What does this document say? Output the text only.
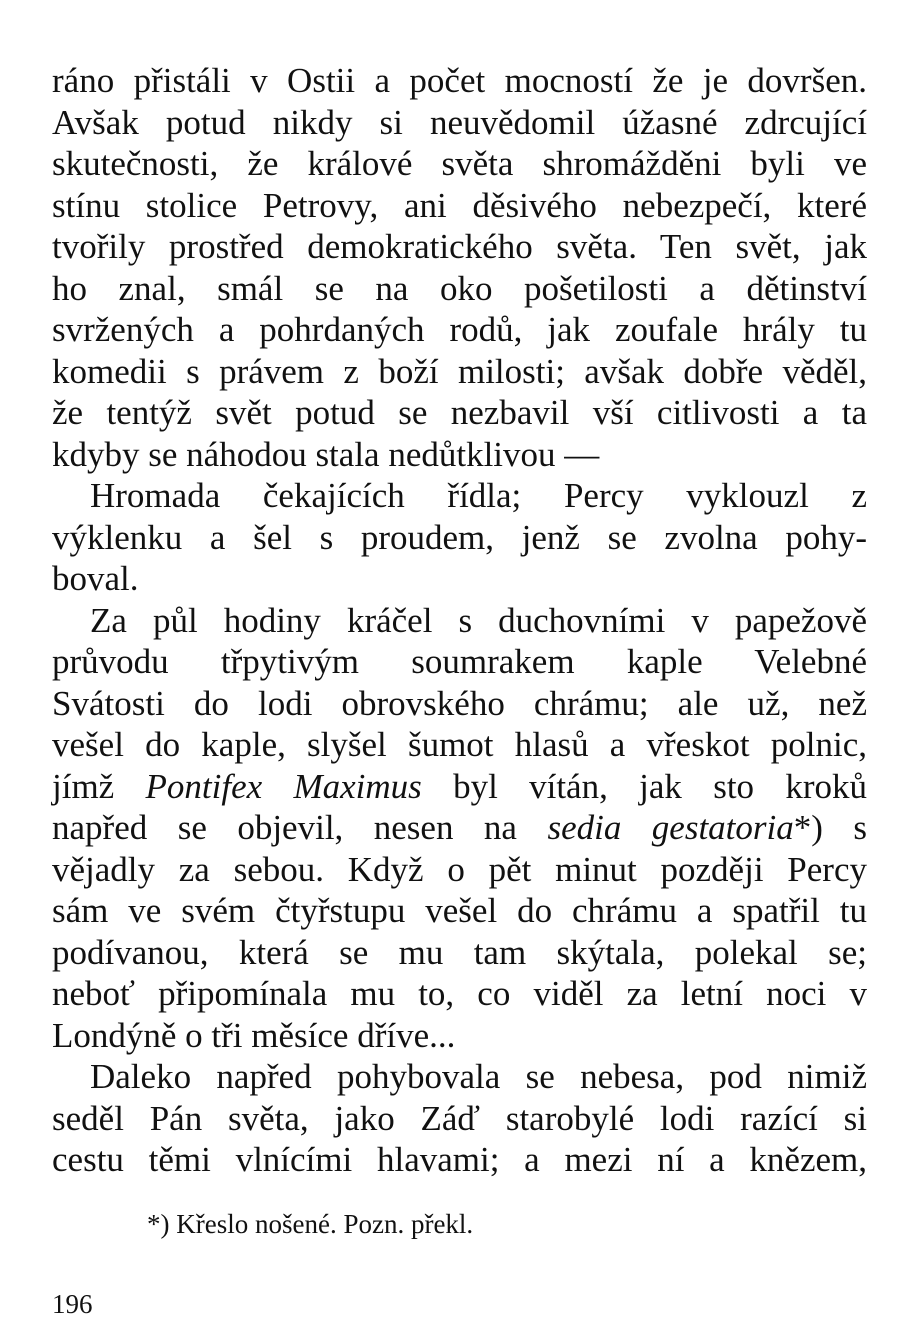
ráno přistáli v Ostii a počet mocností že je dovršen.
Avšak potud nikdy si neuvědomil úžasné zdrcující
skutečnosti, že králové světa shromážděni byli ve
stínu stolice Petrovy, ani děsivého nebezpečí, které
tvořily prostřed demokratického světa. Ten svět, jak
ho znal, smál se na oko pošetilosti a dětinství
svržených a pohrdaných rodů, jak zoufale hrály tu
komedii s právem z boží milosti; avšak dobře věděl,
že tentýž svět potud se nezbavil vší citlivosti a ta
kdyby se náhodou stala nedůtklivou —

Hromada čekajících řídla; Percy vyklouzl z
výklenku a šel s proudem, jenž se zvolna pohy-
boval.

Za půl hodiny kráčel s duchovními v papežově
průvodu třpytivým soumrakem kaple Velebné
Svátosti do lodi obrovského chrámu; ale už, než
vešel do kaple, slyšel šumot hlasů a vřeskot polnic,
jímž Pontifex Maximus byl vítán, jak sto kroků
napřed se objevil, nesen na sedia gestatoria*) s
vějadly za sebou. Když o pět minut později Percy
sám ve svém čtyřstupu vešel do chrámu a spatřil tu
podívanou, která se mu tam skýtala, polekal se;
neboť připomínala mu to, co viděl za letní noci v
Londýně o tři měsíce dříve...

Daleko napřed pohybovala se nebesa, pod nimiž
seděl Pán světa, jako Záď starobylé lodi razící si
cestu těmi vlnícími hlavami; a mezi ní a knězem,

*) Křeslo nošené. Pozn. překl.

196
